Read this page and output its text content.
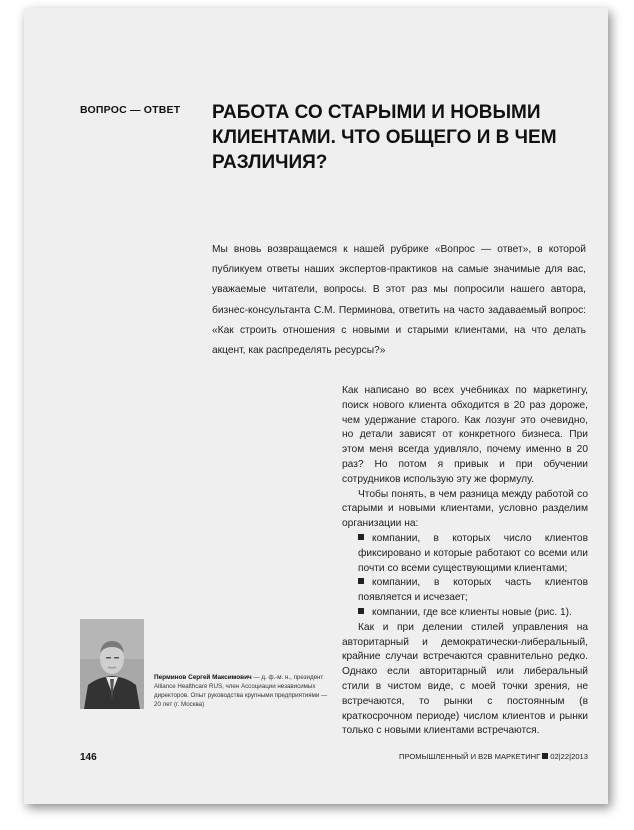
ВОПРОС — ОТВЕТ РАБОТА СО СТАРЫМИ И НОВЫМИ
КЛИЕНТАМИ. ЧТО ОБЩЕГО И В ЧЕМ
РАЗЛИЧИЯ?

Мы вновь возвращаемся к нашей рубрике «Вопрос — ответ», в которой публикуем ответы наших экспертов-практиков на самые значимые для вас, уважаемые читатели, вопросы. В этот раз мы попросили нашего автора, бизнес-консультанта С.М. Перминова, ответить на часто задаваемый вопрос: «Как строить отношения с новыми и старыми клиентами, на что делать акцент, как распределять ресурсы?»

Как написано во всех учебниках по маркетингу, поиск нового клиента обходится в 20 раз дороже, чем удержание старого. Как лозунг это очевидно, но детали зависят от конкретного бизнеса. При этом меня всегда удивляло, почему именно в 20 раз? Но потом я привык и при обучении сотрудников использую эту же формулу.

Чтобы понять, в чем разница между работой со старыми и новыми клиентами, условно разделим организации на:

компании, в которых число клиентов фиксировано и которые работают со всеми или почти со всеми существующими клиентами;

компании, в которых часть клиентов появляется и исчезает;

компании, где все клиенты новые (рис. 1).

Как и при делении стилей управления на авторитарный и демократически-либеральный, крайние случаи встречаются сравнительно редко. Однако если авторитарный или либеральный стили в чистом виде, с моей точки зрения, не встречаются, то рынки с постоянным (в краткосрочном периоде) числом клиентов и рынки только с новыми клиентами встречаются.

Перминов Сергей Максимович — д. ф.-м. н., президент Alliance Healthcare RUS, член Ассоциации независимых директоров. Опыт руководства крупными предприятиями — 20 лет (г. Москва)
146	ПРОМЫШЛЕННЫЙ И B2B МАРКЕТИНГ 02|22|2013
